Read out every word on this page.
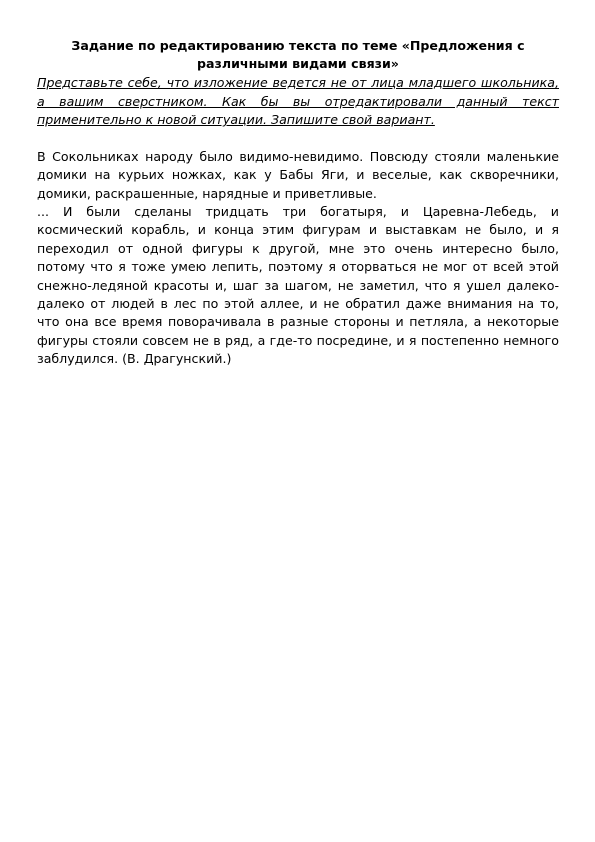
Задание по редактированию текста по теме «Предложения с различными видами связи»

Представьте себе, что изложение ведется не от лица младшего школьника, а вашим сверстником. Как бы вы отредактировали данный текст применительно к новой ситуации. Запишите свой вариант.

В Сокольниках народу было видимо-невидимо. Повсюду стояли маленькие домики на курьих ножках, как у Бабы Яги, и веселые, как скворечники, домики, раскрашенные, нарядные и приветливые.

... И были сделаны тридцать три богатыря, и Царевна-Лебедь, и космический корабль, и конца этим фигурам и выставкам не было, и я переходил от одной фигуры к другой, мне это очень интересно было, потому что я тоже умею лепить, поэтому я оторваться не мог от всей этой снежно-ледяной красоты и, шаг за шагом, не заметил, что я ушел далеко-далеко от людей в лес по этой аллее, и не обратил даже внимания на то, что она все время поворачивала в разные стороны и петляла, а некоторые фигуры стояли совсем не в ряд, а где-то посредине, и я постепенно немного заблудился. (В. Драгунский.)
